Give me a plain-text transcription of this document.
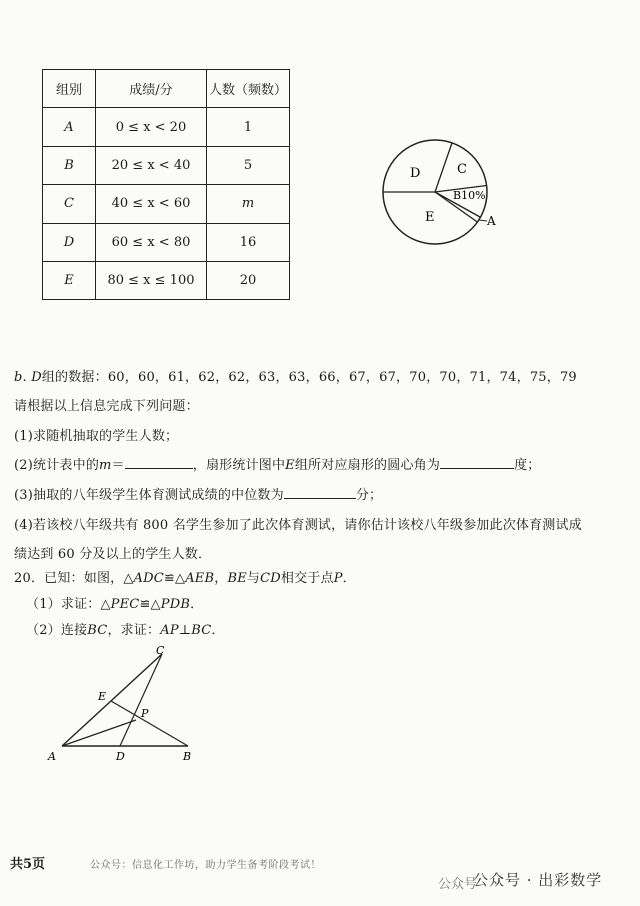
组别	成绩/分	人数（频数）
A	0 ≤ x < 20	1
B	20 ≤ x < 40	5
C	40 ≤ x < 60	m
D	60 ≤ x < 80	16
E	80 ≤ x ≤ 100	20
D	C
B10%
E	A
b. D组的数据：60，60，61，62，62，63，63，66，67，67，70，70，71，74，75，79
请根据以上信息完成下列问题：
(1)求随机抽取的学生人数；
(2)统计表中的m＝	，扇形统计图中E组所对应扇形的圆心角为	度；
(3)抽取的八年级学生体育测试成绩的中位数为	分；
(4)若该校八年级共有 800 名学生参加了此次体育测试，请你估计该校八年级参加此次体育测试成
绩达到 60 分及以上的学生人数．
20．已知：如图，△ADC≌△AEB，BE与CD相交于点P．
（1）求证：△PEC≌△PDB．
（2）连接BC，求证：AP⊥BC．
C
E
P
A	D	B
共5页	公众号：信息化工作坊，助力学生备考阶段考试！
公众号
公众号 · 出彩数学
